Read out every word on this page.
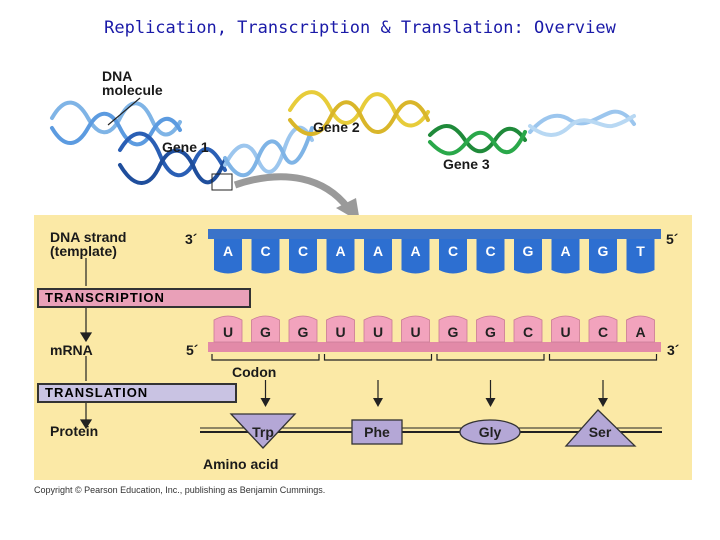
Replication, Transcription & Translation: Overview
DNA
molecule
Gene 1
Gene 2
Gene 3
A C C A A A C C G A G T
U G G U U U G G C U C A
Trp	Phe	Gly	Ser
DNA strand
(template)
3´	5´
TRANSCRIPTION
mRNA	5´	3´
Codon
TRANSLATION
Protein
Amino acid
Copyright © Pearson Education, Inc., publishing as Benjamin Cummings.
